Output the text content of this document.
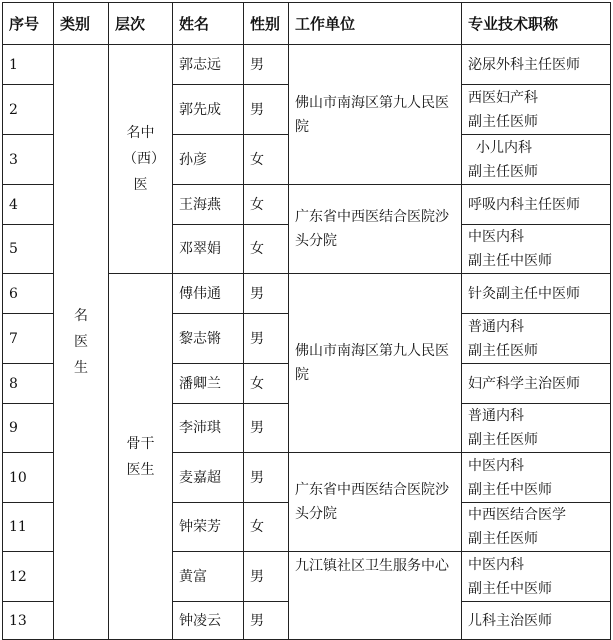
序号	类别	层次	姓名	性别	工作单位	专业技术职称
1	名医生	名中（西）医	郭志远	男	佛山市南海区第九人民医院	泌尿外科主任医师

2			郭先成	男		西医妇产科
副主任医师

3			孙彦	女		小儿内科
副主任医师

4			王海燕	女	广东省中西医结合医院沙头分院	呼吸内科主任医师

5			邓翠娟	女		中医内科
副主任中医师

6		骨干医生	傅伟通	男	佛山市南海区第九人民医院	针灸副主任中医师

7			黎志锵	男		普通内科
副主任医师

8			潘卿兰	女		妇产科学主治医师

9			李沛琪	男		普通内科
副主任医师

10			麦嘉超	男	广东省中西医结合医院沙头分院	中医内科
副主任中医师

11			钟荣芳	女		中西医结合医学
副主任医师

12			黄富	男	九江镇社区卫生服务中心	中医内科
副主任中医师

13			钟凌云	男		儿科主治医师
